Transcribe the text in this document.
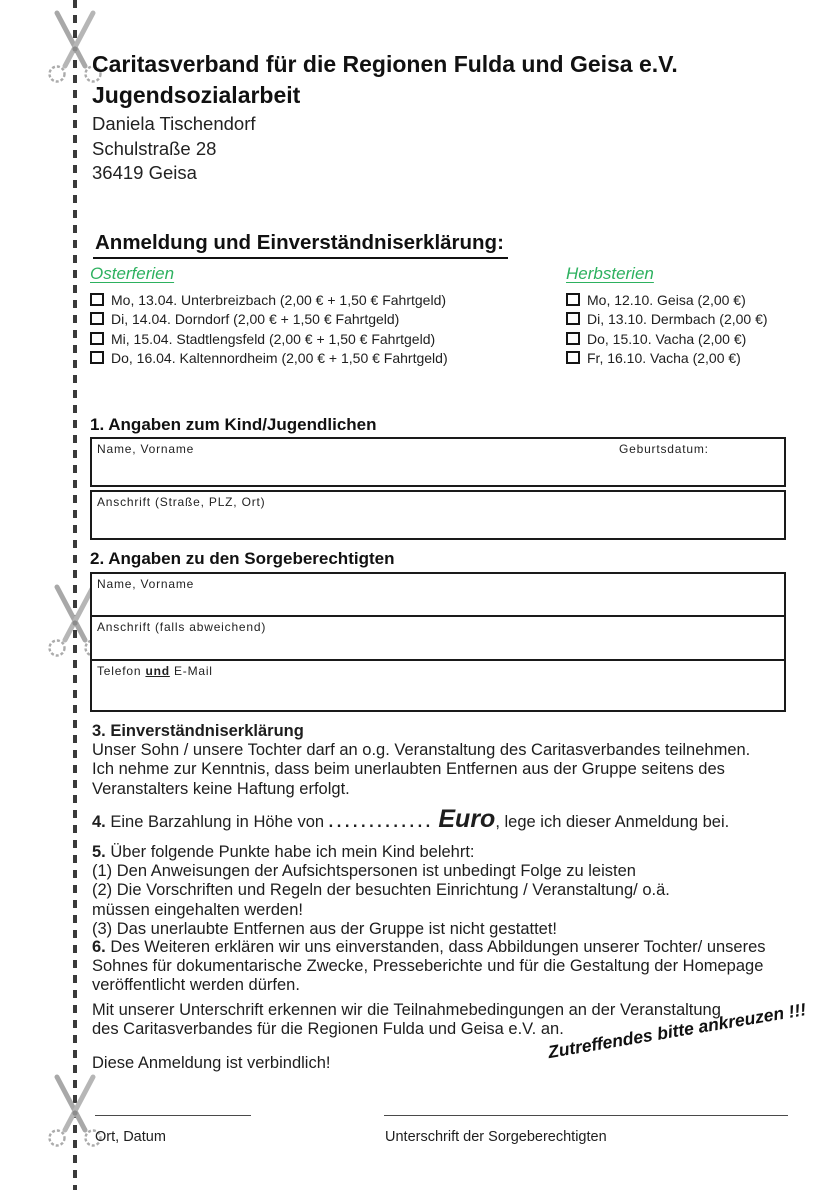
Caritasverband für die Regionen Fulda und Geisa e.V.
Jugendsozialarbeit
Daniela Tischendorf
Schulstraße 28
36419 Geisa
Anmeldung und Einverständniserklärung:
Osterferien
Mo, 13.04. Unterbreizbach (2,00 € + 1,50 € Fahrtgeld)
Di, 14.04. Dorndorf (2,00 € + 1,50 € Fahrtgeld)
Mi, 15.04. Stadtlengsfeld (2,00 € + 1,50 € Fahrtgeld)
Do, 16.04. Kaltennordheim (2,00 € + 1,50 € Fahrtgeld)
Herbsterien
Mo, 12.10. Geisa (2,00 €)
Di, 13.10. Dermbach (2,00 €)
Do, 15.10. Vacha (2,00 €)
Fr, 16.10. Vacha (2,00 €)
1. Angaben zum Kind/Jugendlichen
Name, Vorname	Geburtsdatum:
Anschrift (Straße, PLZ, Ort)
2. Angaben zu den Sorgeberechtigten
Name, Vorname
Anschrift (falls abweichend)
Telefon und E-Mail
3. Einverständniserklärung
Unser Sohn / unsere Tochter darf an o.g. Veranstaltung des Caritasverbandes teilnehmen.
Ich nehme zur Kenntnis, dass beim unerlaubten Entfernen aus der Gruppe seitens des
Veranstalters keine Haftung erfolgt.
4. Eine Barzahlung in Höhe von ............. Euro, lege ich dieser Anmeldung bei.
5. Über folgende Punkte habe ich mein Kind belehrt:
(1) Den Anweisungen der Aufsichtspersonen ist unbedingt Folge zu leisten
(2) Die Vorschriften und Regeln der besuchten Einrichtung / Veranstaltung/ o.ä.
müssen eingehalten werden!
(3) Das unerlaubte Entfernen aus der Gruppe ist nicht gestattet!
6. Des Weiteren erklären wir uns einverstanden, dass Abbildungen unserer Tochter/ unseres
Sohnes für dokumentarische Zwecke, Presseberichte und für die Gestaltung der Homepage
veröffentlicht werden dürfen.
Mit unserer Unterschrift erkennen wir die Teilnahmebedingungen an der Veranstaltung
des Caritasverbandes für die Regionen Fulda und Geisa e.V. an.
Zutreffendes bitte ankreuzen !!!
Diese Anmeldung ist verbindlich!
Ort, Datum	Unterschrift der Sorgeberechtigten
